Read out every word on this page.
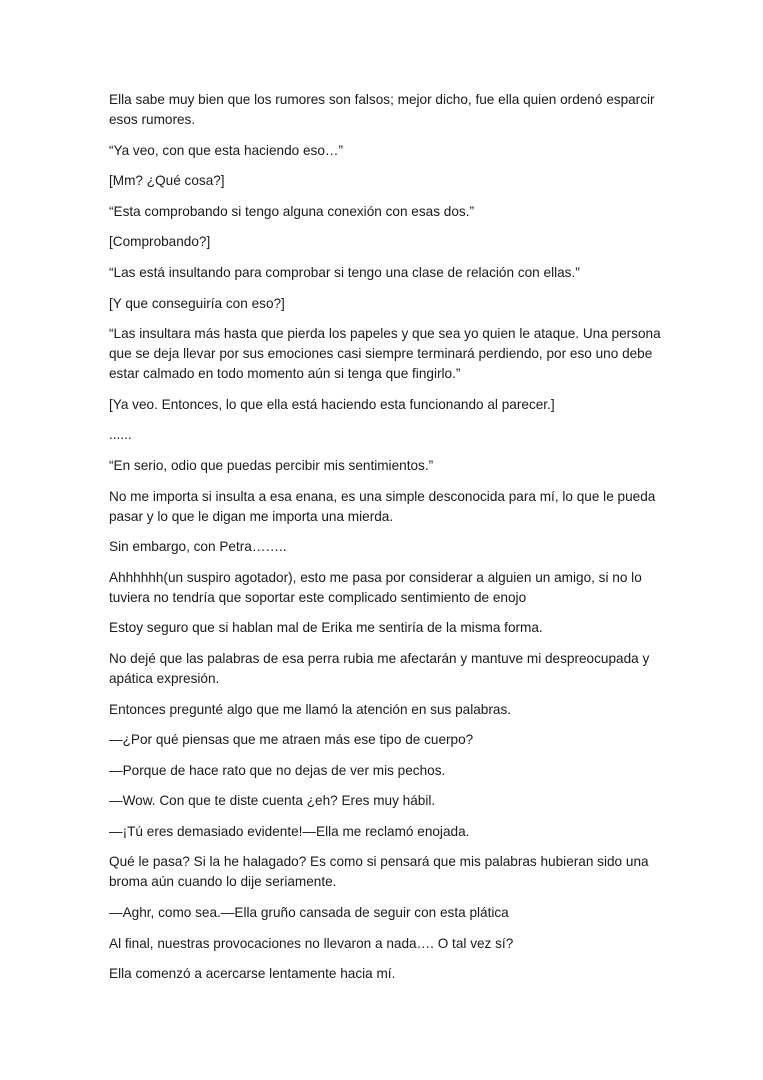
Ella sabe muy bien que los rumores son falsos; mejor dicho, fue ella quien ordenó esparcir esos rumores.

“Ya veo, con que esta haciendo eso…”

[Mm? ¿Qué cosa?]

“Esta comprobando si tengo alguna conexión con esas dos.”

[Comprobando?]

“Las está insultando para comprobar si tengo una clase de relación con ellas.”

[Y que conseguiría con eso?]

“Las insultara más hasta que pierda los papeles y que sea yo quien le ataque. Una persona que se deja llevar por sus emociones casi siempre terminará perdiendo, por eso uno debe estar calmado en todo momento aún si tenga que fingirlo.”

[Ya veo. Entonces, lo que ella está haciendo esta funcionando al parecer.]

......

“En serio, odio que puedas percibir mis sentimientos.”

No me importa si insulta a esa enana, es una simple desconocida para mí, lo que le pueda pasar y lo que le digan me importa una mierda.

Sin embargo, con Petra……..

Ahhhhhh(un suspiro agotador), esto me pasa por considerar a alguien un amigo, si no lo tuviera no tendría que soportar este complicado sentimiento de enojo

Estoy seguro que si hablan mal de Erika me sentiría de la misma forma.

No dejé que las palabras de esa perra rubia me afectarán y mantuve mi despreocupada y apática expresión.

Entonces pregunté algo que me llamó la atención en sus palabras.

—¿Por qué piensas que me atraen más ese tipo de cuerpo?

—Porque de hace rato que no dejas de ver mis pechos.

—Wow. Con que te diste cuenta ¿eh? Eres muy hábil.

—¡Tú eres demasiado evidente!—Ella me reclamó enojada.

Qué le pasa? Si la he halagado? Es como si pensará que mis palabras hubieran sido una broma aún cuando lo dije seriamente.

—Aghr, como sea.—Ella gruño cansada de seguir con esta plática

Al final, nuestras provocaciones no llevaron a nada…. O tal vez sí?

Ella comenzó a acercarse lentamente hacia mí.
